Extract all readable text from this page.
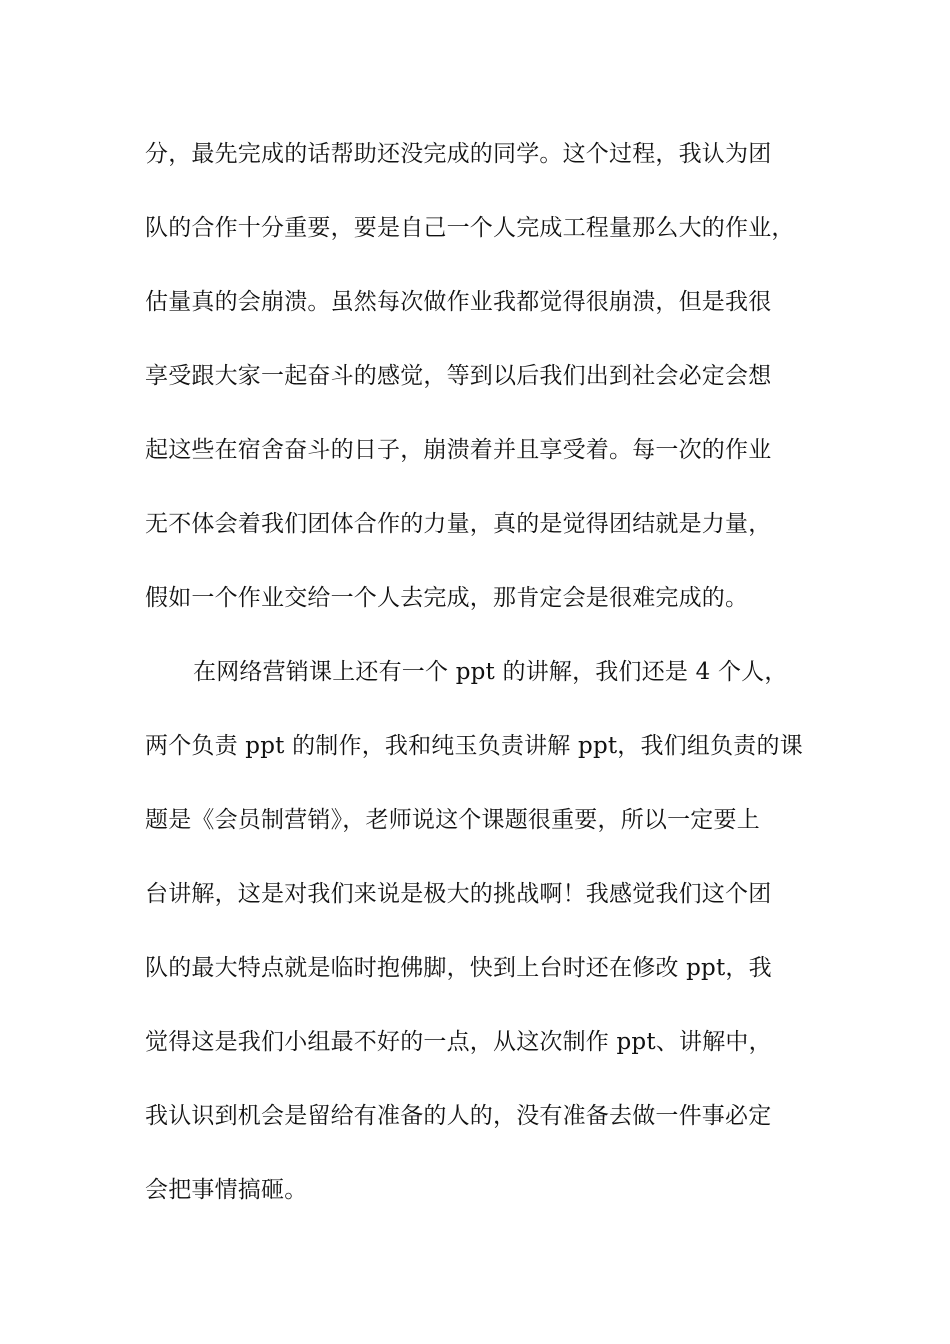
分，最先完成的话帮助还没完成的同学。这个过程，我认为团
队的合作十分重要，要是自己一个人完成工程量那么大的作业，
估量真的会崩溃。虽然每次做作业我都觉得很崩溃，但是我很
享受跟大家一起奋斗的感觉，等到以后我们出到社会必定会想
起这些在宿舍奋斗的日子，崩溃着并且享受着。每一次的作业
无不体会着我们团体合作的力量，真的是觉得团结就是力量，
假如一个作业交给一个人去完成，那肯定会是很难完成的。
在网络营销课上还有一个 ppt 的讲解，我们还是 4 个人，
两个负责 ppt 的制作，我和纯玉负责讲解 ppt，我们组负责的课
题是《会员制营销》，老师说这个课题很重要，所以一定要上
台讲解，这是对我们来说是极大的挑战啊！我感觉我们这个团
队的最大特点就是临时抱佛脚，快到上台时还在修改 ppt，我
觉得这是我们小组最不好的一点，从这次制作 ppt、讲解中，
我认识到机会是留给有准备的人的，没有准备去做一件事必定
会把事情搞砸。
